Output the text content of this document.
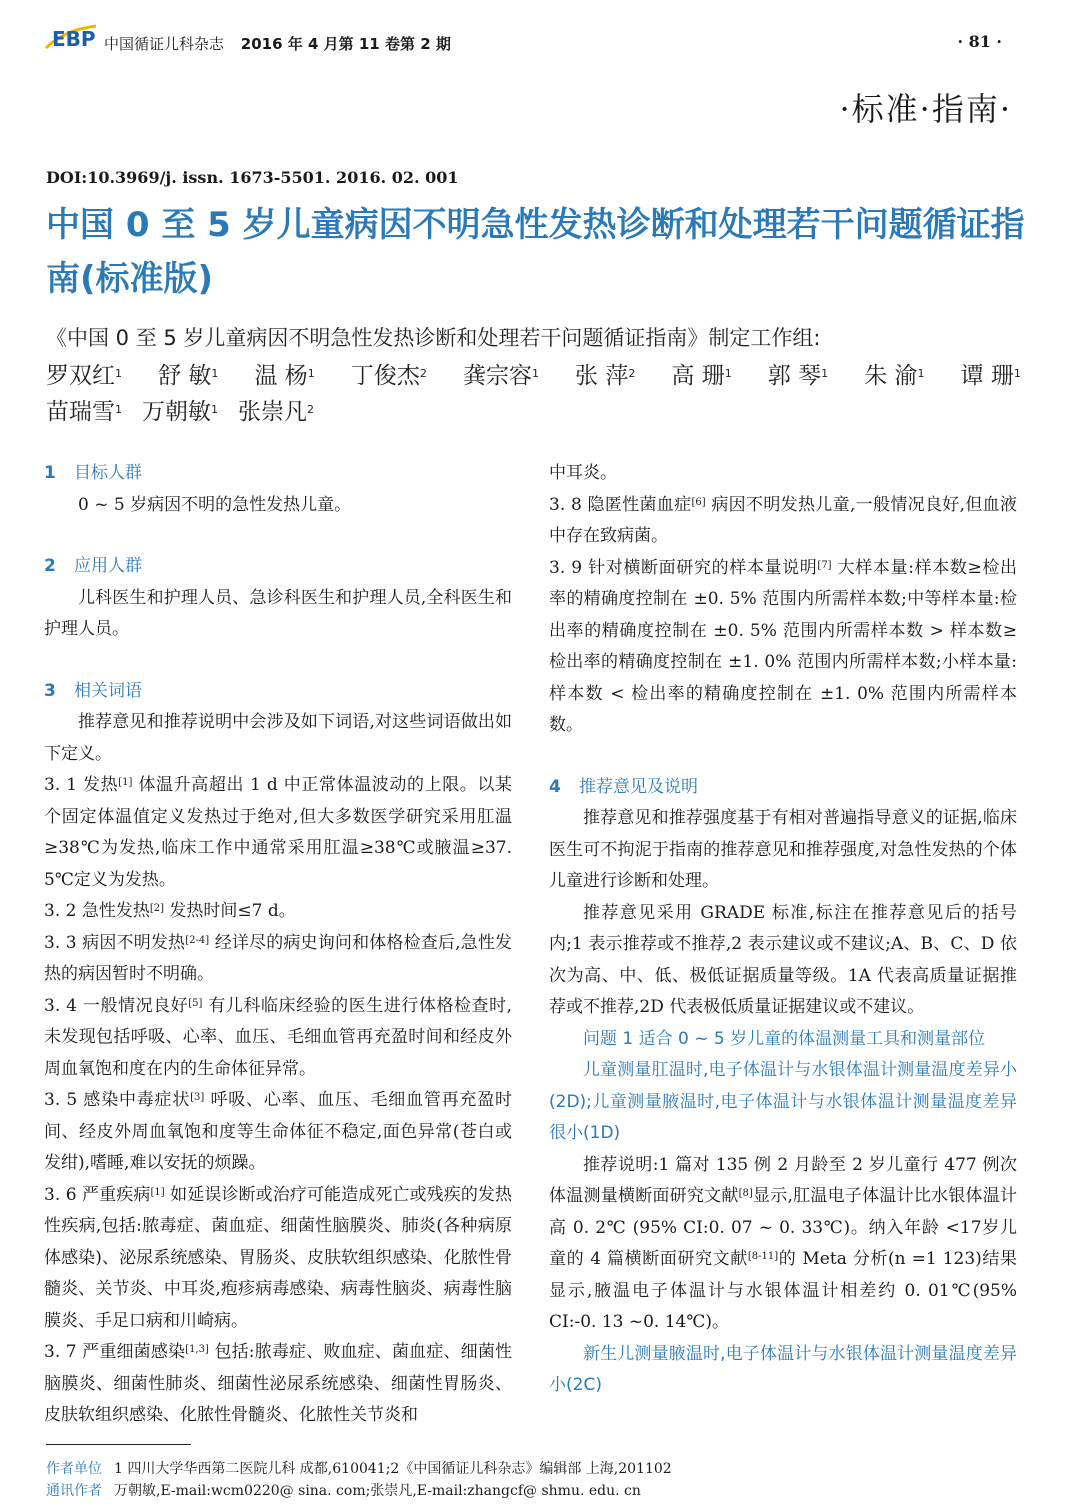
EBP 中国循证儿科杂志 2016 年 4 月第 11 卷第 2 期	· 81 ·
·标准·指南·
DOI:10.3969/j. issn. 1673-5501. 2016. 02. 001
中国 0 至 5 岁儿童病因不明急性发热诊断和处理若干问题循证指南(标准版)
《中国 0 至 5 岁儿童病因不明急性发热诊断和处理若干问题循证指南》制定工作组:
罗双红$^1$ 舒 敏$^1$ 温 杨$^1$ 丁俊杰$^2$ 龚宗容$^1$ 张 萍$^2$ 高 珊$^1$ 郭 琴$^1$ 朱 渝$^1$ 谭 珊$^1$
苗瑞雪$^1$ 万朝敏$^1$ 张崇凡$^2$

1 目标人群

0 ~ 5 岁病因不明的急性发热儿童。

2 应用人群

儿科医生和护理人员、急诊科医生和护理人员,全科医生和护理人员。

3 相关词语

推荐意见和推荐说明中会涉及如下词语,对这些词语做出如下定义。

3. 1 发热[1] 体温升高超出 1 d 中正常体温波动的上限。以某个固定体温值定义发热过于绝对,但大多数医学研究采用肛温≥38℃为发热,临床工作中通常采用肛温≥38℃或腋温≥37. 5℃定义为发热。

3. 2 急性发热[2] 发热时间≤7 d。

3. 3 病因不明发热[2-4] 经详尽的病史询问和体格检查后,急性发热的病因暂时不明确。

3. 4 一般情况良好[5] 有儿科临床经验的医生进行体格检查时,未发现包括呼吸、心率、血压、毛细血管再充盈时间和经皮外周血氧饱和度在内的生命体征异常。

3. 5 感染中毒症状[3] 呼吸、心率、血压、毛细血管再充盈时间、经皮外周血氧饱和度等生命体征不稳定,面色异常(苍白或发绀),嗜睡,难以安抚的烦躁。

3. 6 严重疾病[1] 如延误诊断或治疗可能造成死亡或残疾的发热性疾病,包括:脓毒症、菌血症、细菌性脑膜炎、肺炎(各种病原体感染)、泌尿系统感染、胃肠炎、皮肤软组织感染、化脓性骨髓炎、关节炎、中耳炎,疱疹病毒感染、病毒性脑炎、病毒性脑膜炎、手足口病和川崎病。

3. 7 严重细菌感染[1,3] 包括:脓毒症、败血症、菌血症、细菌性脑膜炎、细菌性肺炎、细菌性泌尿系统感染、细菌性胃肠炎、皮肤软组织感染、化脓性骨髓炎、化脓性关节炎和

中耳炎。

3. 8 隐匿性菌血症[6] 病因不明发热儿童,一般情况良好,但血液中存在致病菌。

3. 9 针对横断面研究的样本量说明[7] 大样本量:样本数≥检出率的精确度控制在 ±0. 5% 范围内所需样本数;中等样本量:检出率的精确度控制在 ±0. 5% 范围内所需样本数 > 样本数≥检出率的精确度控制在 ±1. 0% 范围内所需样本数;小样本量:样本数 < 检出率的精确度控制在 ±1. 0% 范围内所需样本数。

4 推荐意见及说明

推荐意见和推荐强度基于有相对普遍指导意义的证据,临床医生可不拘泥于指南的推荐意见和推荐强度,对急性发热的个体儿童进行诊断和处理。

推荐意见采用 GRADE 标准,标注在推荐意见后的括号内;1 表示推荐或不推荐,2 表示建议或不建议;A、B、C、D 依次为高、中、低、极低证据质量等级。1A 代表高质量证据推荐或不推荐,2D 代表极低质量证据建议或不建议。

问题 1 适合 0 ~ 5 岁儿童的体温测量工具和测量部位

儿童测量肛温时,电子体温计与水银体温计测量温度差异小(2D);儿童测量腋温时,电子体温计与水银体温计测量温度差异很小(1D)

推荐说明:1 篇对 135 例 2 月龄至 2 岁儿童行 477 例次体温测量横断面研究文献[8]显示,肛温电子体温计比水银体温计高 0. 2℃ (95% CI:0. 07 ~ 0. 33℃)。纳入年龄 <17岁儿童的 4 篇横断面研究文献[8-11]的 Meta 分析(n =1 123)结果显示,腋温电子体温计与水银体温计相差约 0. 01℃(95% CI:-0. 13 ~0. 14℃)。

新生儿测量腋温时,电子体温计与水银体温计测量温度差异小(2C)

作者单位 1 四川大学华西第二医院儿科 成都,610041;2《中国循证儿科杂志》编辑部 上海,201102
通讯作者 万朝敏,E-mail:wcm0220@ sina. com;张崇凡,E-mail:zhangcf@ shmu. edu. cn
